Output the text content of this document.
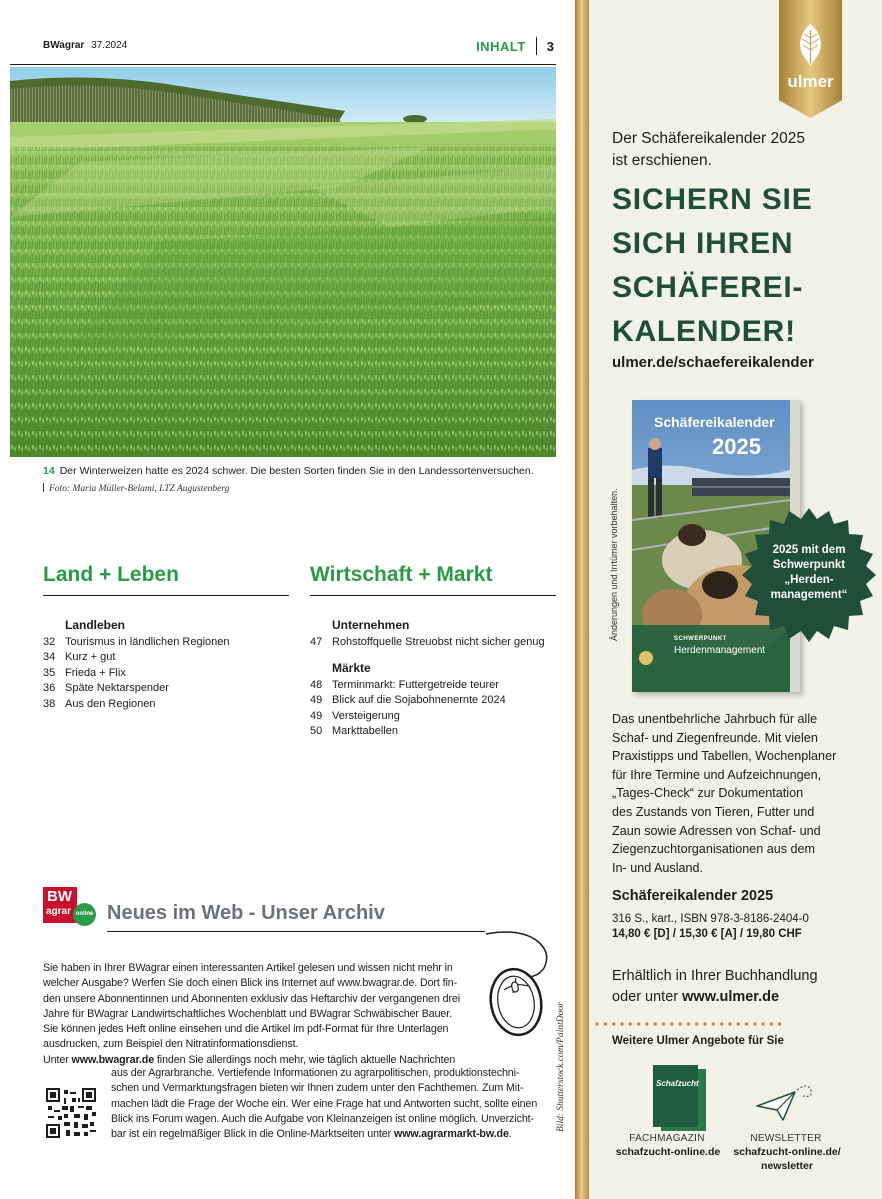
BWagrar 37.2024	INHALT 3
14 Der Winterweizen hatte es 2024 schwer. Die besten Sorten finden Sie in den Landessortenversuchen.
Foto: Maria Müller-Belami, LTZ Augustenberg
Land + Leben	Wirtschaft + Markt
Landleben
32 Tourismus in ländlichen Regionen
34 Kurz + gut
35 Frieda + Flix
36 Späte Nektarspender
38 Aus den Regionen
Unternehmen
47 Rohstoffquelle Streuobst nicht sicher genug
Märkte
48 Terminmarkt: Futtergetreide teurer
49 Blick auf die Sojabohnenernte 2024
49 Versteigerung
50 Markttabellen
BW
agrar online Neues im Web - Unser Archiv
Sie haben in Ihrer BWagrar einen interessanten Artikel gelesen und wissen nicht mehr in
welcher Ausgabe? Werfen Sie doch einen Blick ins Internet auf www.bwagrar.de. Dort fin-
den unsere Abonnentinnen und Abonnenten exklusiv das Heftarchiv der vergangenen drei
Jahre für BWagrar Landwirtschaftliches Wochenblatt und BWagrar Schwäbischer Bauer.
Sie können jedes Heft online einsehen und die Artikel im pdf-Format für Ihre Unterlagen
ausdrucken, zum Beispiel den Nitratinformationsdienst.
Unter www.bwagrar.de finden Sie allerdings noch mehr, wie täglich aktuelle Nachrichten
aus der Agrarbranche. Vertiefende Informationen zu agrarpolitischen, produktionstechni-
schen und Vermarktungsfragen bieten wir Ihnen zudem unter den Fachthemen. Zum Mit-
machen lädt die Frage der Woche ein. Wer eine Frage hat und Antworten sucht, sollte einen
Blick ins Forum wagen. Auch die Aufgabe von Kleinanzeigen ist online möglich. Unverzicht-
bar ist ein regelmäßiger Blick in die Online-Marktseiten unter www.agrarmarkt-bw.de.
Bild: Shutterstock.com/PaintDoor
ulmer
Der Schäfereikalender 2025
ist erschienen.
SICHERN SIE
SICH IHREN
SCHÄFEREI-
KALENDER!
ulmer.de/schaefereikalender
Schäfereikalender
2025
SCHWERPUNKT
Herdenmanagement
2025 mit dem
Schwerpunkt
„Herden-
management“
Änderungen und Irrtümer vorbehalten.
Das unentbehrliche Jahrbuch für alle
Schaf- und Ziegenfreunde. Mit vielen
Praxistipps und Tabellen, Wochenplaner
für Ihre Termine und Aufzeichnungen,
„Tages-Check“ zur Dokumentation
des Zustands von Tieren, Futter und
Zaun sowie Adressen von Schaf- und
Ziegenzuchtorganisationen aus dem
In- und Ausland.
Schäfereikalender 2025
316 S., kart., ISBN 978-3-8186-2404-0
14,80 € [D] / 15,30 € [A] / 19,80 CHF
Erhältlich in Ihrer Buchhandlung
oder unter www.ulmer.de
Weitere Ulmer Angebote für Sie
Schafzucht
FACHMAGAZIN
schafzucht-online.de
NEWSLETTER
schafzucht-online.de/
newsletter
